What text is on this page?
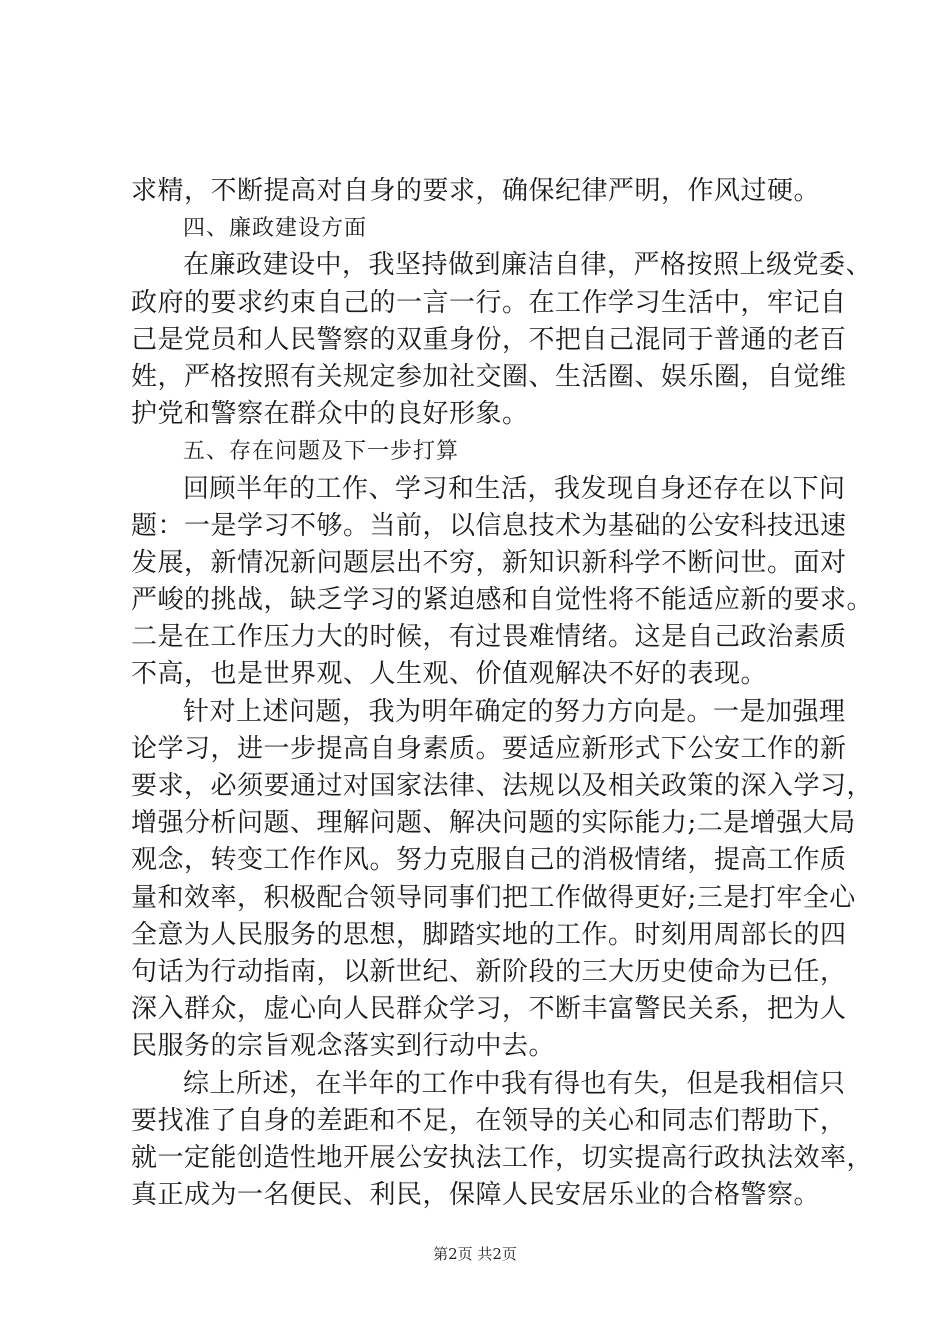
求精，不断提高对自身的要求，确保纪律严明，作风过硬。
四、廉政建设方面
在廉政建设中，我坚持做到廉洁自律，严格按照上级党委、
政府的要求约束自己的一言一行。在工作学习生活中，牢记自
己是党员和人民警察的双重身份，不把自己混同于普通的老百
姓，严格按照有关规定参加社交圈、生活圈、娱乐圈，自觉维
护党和警察在群众中的良好形象。
五、存在问题及下一步打算
回顾半年的工作、学习和生活，我发现自身还存在以下问
题：一是学习不够。当前，以信息技术为基础的公安科技迅速
发展，新情况新问题层出不穷，新知识新科学不断问世。面对
严峻的挑战，缺乏学习的紧迫感和自觉性将不能适应新的要求。
二是在工作压力大的时候，有过畏难情绪。这是自己政治素质
不高，也是世界观、人生观、价值观解决不好的表现。
针对上述问题，我为明年确定的努力方向是。一是加强理
论学习，进一步提高自身素质。要适应新形式下公安工作的新
要求，必须要通过对国家法律、法规以及相关政策的深入学习，
增强分析问题、理解问题、解决问题的实际能力;二是增强大局
观念，转变工作作风。努力克服自己的消极情绪，提高工作质
量和效率，积极配合领导同事们把工作做得更好;三是打牢全心
全意为人民服务的思想，脚踏实地的工作。时刻用周部长的四
句话为行动指南，以新世纪、新阶段的三大历史使命为已任，
深入群众，虚心向人民群众学习，不断丰富警民关系，把为人
民服务的宗旨观念落实到行动中去。
综上所述，在半年的工作中我有得也有失，但是我相信只
要找准了自身的差距和不足，在领导的关心和同志们帮助下，
就一定能创造性地开展公安执法工作，切实提高行政执法效率，
真正成为一名便民、利民，保障人民安居乐业的合格警察。
第2页 共2页
